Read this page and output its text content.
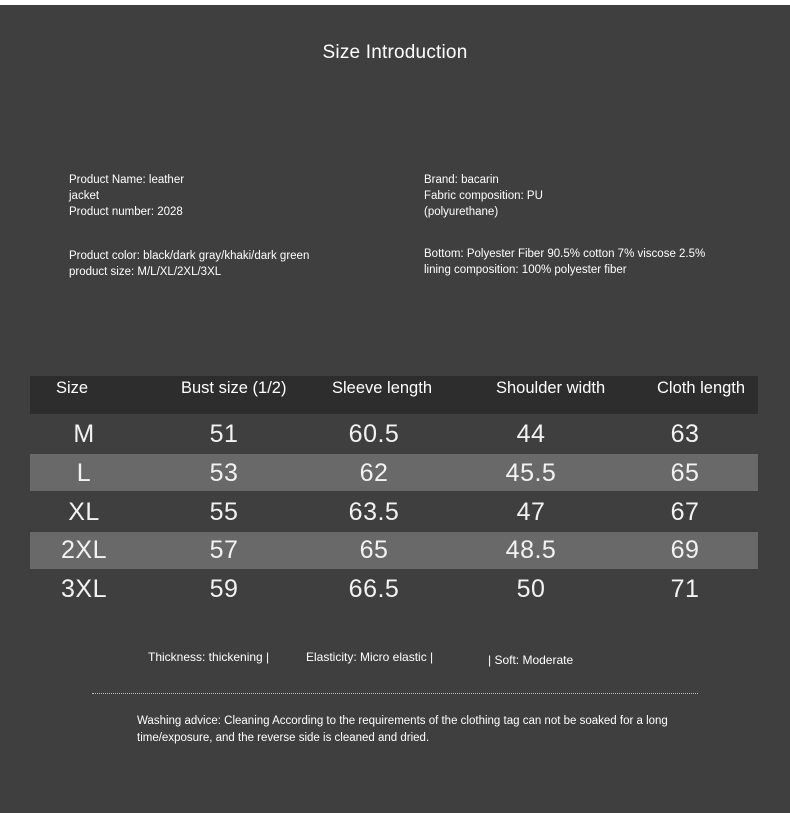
Size Introduction
Product Name: leather
jacket
Product number: 2028
Product color: black/dark gray/khaki/dark green
product size: M/L/XL/2XL/3XL
Brand: bacarin
Fabric composition: PU
(polyurethane)
Bottom: Polyester Fiber 90.5% cotton 7% viscose 2.5%
lining composition: 100% polyester fiber
Size	Bust size (1/2)	Sleeve length	Shoulder width	Cloth length
M	51	60.5	44	63
L	53	62	45.5	65
XL	55	63.5	47	67
2XL	57	65	48.5	69
3XL	59	66.5	50	71
Thickness: thickening |	Elasticity: Micro elastic |	| Soft: Moderate
Washing advice: Cleaning According to the requirements of the clothing tag can not be soaked for a long time/exposure, and the reverse side is cleaned and dried.
